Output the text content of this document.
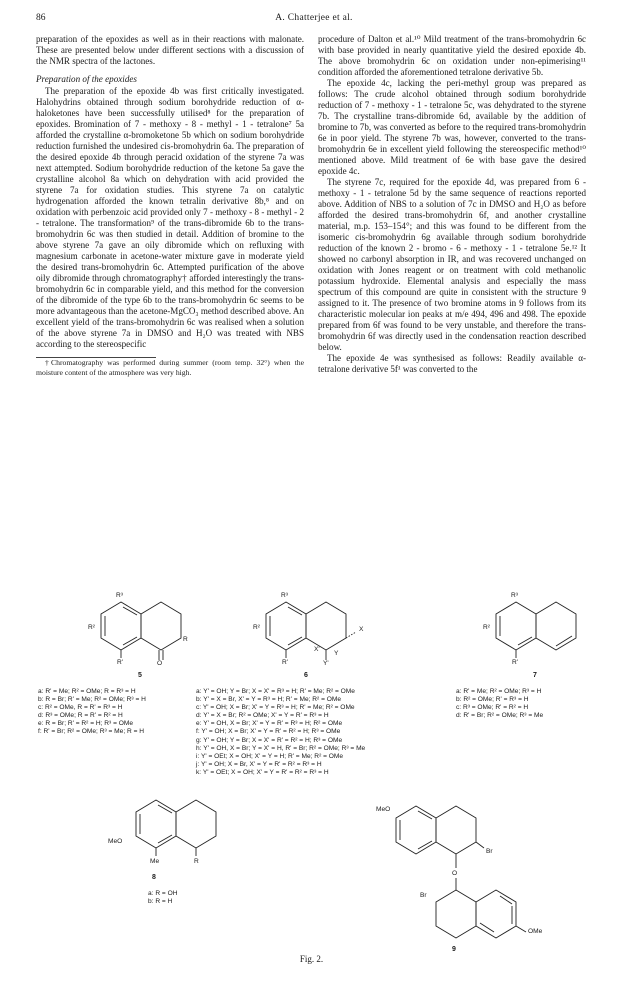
86	A. Chatterjee et al.

preparation of the epoxides as well as in their reactions with malonate. These are presented below under different sections with a discussion of the NMR spectra of the lactones.

Preparation of the epoxides

The preparation of the epoxide 4b was first critically investigated. Halohydrins obtained through sodium borohydride reduction of α-haloketones have been successfully utilised⁸ for the preparation of epoxides. Bromination of 7 - methoxy - 8 - methyl - 1 - tetralone⁷ 5a afforded the crystalline α-bromoketone 5b which on sodium borohydride reduction furnished the undesired cis-bromohydrin 6a. The preparation of the desired epoxide 4b through peracid oxidation of the styrene 7a was next attempted. Sodium borohydride reduction of the ketone 5a gave the crystalline alcohol 8a which on dehydration with acid provided the styrene 7a for oxidation studies. This styrene 7a on catalytic hydrogenation afforded the known tetralin derivative 8b,⁸ and on oxidation with perbenzoic acid provided only 7 - methoxy - 8 - methyl - 2 - tetralone. The transformation⁹ of the trans-dibromide 6b to the trans-bromohydrin 6c was then studied in detail. Addition of bromine to the above styrene 7a gave an oily dibromide which on refluxing with magnesium carbonate in acetone-water mixture gave in moderate yield the desired trans-bromohydrin 6c. Attempted purification of the above oily dibromide through chromatography† afforded interestingly the trans-bromohydrin 6c in comparable yield, and this method for the conversion of the dibromide of the type 6b to the trans-bromohydrin 6c seems to be more advantageous than the acetone-MgCO₃ method described above. An excellent yield of the trans-bromohydrin 6c was realised when a solution of the above styrene 7a in DMSO and H₂O was treated with NBS according to the stereospecific

†Chromatography was performed during summer (room temp. 32°) when the moisture content of the atmosphere was very high.

procedure of Dalton et al.¹⁰ Mild treatment of the trans-bromohydrin 6c with base provided in nearly quantitative yield the desired epoxide 4b. The above bromohydrin 6c on oxidation under non-epimerising¹¹ condition afforded the aforementioned tetralone derivative 5b.

The epoxide 4c, lacking the peri-methyl group was prepared as follows: The crude alcohol obtained through sodium borohydride reduction of 7 - methoxy - 1 - tetralone 5c, was dehydrated to the styrene 7b. The crystalline trans-dibromide 6d, available by the addition of bromine to 7b, was converted as before to the required trans-bromohydrin 6e in poor yield. The styrene 7b was, however, converted to the trans-bromohydrin 6e in excellent yield following the stereospecific method¹⁰ mentioned above. Mild treatment of 6e with base gave the desired epoxide 4c.

The styrene 7c, required for the epoxide 4d, was prepared from 6 - methoxy - 1 - tetralone 5d by the same sequence of reactions reported above. Addition of NBS to a solution of 7c in DMSO and H₂O as before afforded the desired trans-bromohydrin 6f, and another crystalline material, m.p. 153–154°; and this was found to be different from the isomeric cis-bromohydrin 6g available through sodium borohydride reduction of the known 2 - bromo - 6 - methoxy - 1 - tetralone 5e.¹² It showed no carbonyl absorption in IR, and was recovered unchanged on oxidation with Jones reagent or on treatment with cold methanolic potassium hydroxide. Elemental analysis and especially the mass spectrum of this compound are quite in consistent with the structure 9 assigned to it. The presence of two bromine atoms in 9 follows from its characteristic molecular ion peaks at m/e 494, 496 and 498. The epoxide prepared from 6f was found to be very unstable, and therefore the trans-bromohydrin 6f was directly used in the condensation reaction described below.

The epoxide 4e was synthesised as follows: Readily available α-tetralone derivative 5f¹ was converted to the

R³
R²
R
R'	O
R³
R²	X
X'
Y
R'	Y'
R³
R²
R'
5	6	7
a: R' = Me; R² = OMe; R = R³ = H
b: R = Br; R' = Me; R² = OMe; R³ = H
c: R² = OMe, R = R' = R³ = H
d: R³ = OMe; R = R' = R² = H
e: R = Br; R' = R² = H; R³ = OMe
f: R' = Br; R² = OMe; R³ = Me; R = H
a: Y' = OH; Y = Br; X = X' = R³ = H; R' = Me; R² = OMe
b: Y' = X = Br, X' = Y = R³ = H; R' = Me; R² = OMe
c: Y' = OH; X = Br; X' = Y = R³ = H; R' = Me; R² = OMe
d: Y' = X = Br; R² = OMe; X' = Y = R' = R³ = H
e: Y' = OH, X = Br; X' = Y = R' = R³ = H; R² = OMe
f: Y' = OH; X = Br; X' = Y = R' = R² = H; R³ = OMe
g: Y' = OH; Y = Br; X = X' = R' = R² = H; R³ = OMe
h: Y' = OH, X = Br; Y = X' = H, R' = Br; R² = OMe; R³ = Me
i: Y' = OEt; X = OH; X' = Y = H; R' = Me; R² = OMe
j: Y' = OH; X = Br, X' = Y = R' = R² = R³ = H
k: Y' = OEt; X = OH; X' = Y = R' = R² = R³ = H
a: R' = Me; R² = OMe; R³ = H
b: R² = OMe; R' = R³ = H
c: R³ = OMe; R' = R² = H
d: R' = Br; R² = OMe; R³ = Me
MeO
Me	R
8
a: R = OH
b: R = H
MeO
Br
O
Br
OMe
9
Fig. 2.
